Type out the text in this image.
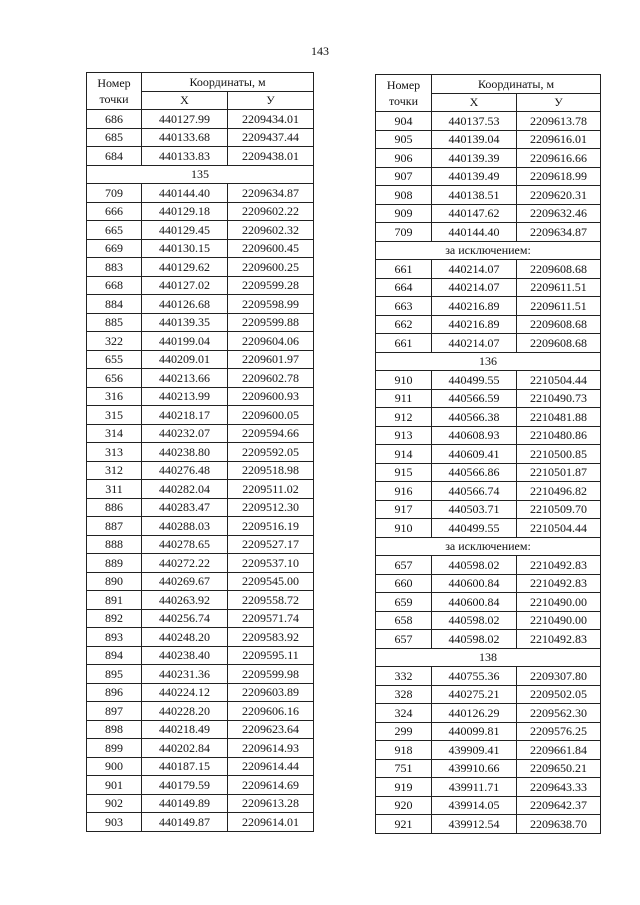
143
Номер
точки	Координаты, м	
	X	У
686	440127.99	2209434.01
685	440133.68	2209437.44
684	440133.83	2209438.01
135		
709	440144.40	2209634.87
666	440129.18	2209602.22
665	440129.45	2209602.32
669	440130.15	2209600.45
883	440129.62	2209600.25
668	440127.02	2209599.28
884	440126.68	2209598.99
885	440139.35	2209599.88
322	440199.04	2209604.06
655	440209.01	2209601.97
656	440213.66	2209602.78
316	440213.99	2209600.93
315	440218.17	2209600.05
314	440232.07	2209594.66
313	440238.80	2209592.05
312	440276.48	2209518.98
311	440282.04	2209511.02
886	440283.47	2209512.30
887	440288.03	2209516.19
888	440278.65	2209527.17
889	440272.22	2209537.10
890	440269.67	2209545.00
891	440263.92	2209558.72
892	440256.74	2209571.74
893	440248.20	2209583.92
894	440238.40	2209595.11
895	440231.36	2209599.98
896	440224.12	2209603.89
897	440228.20	2209606.16
898	440218.49	2209623.64
899	440202.84	2209614.93
900	440187.15	2209614.44
901	440179.59	2209614.69
902	440149.89	2209613.28
903	440149.87	2209614.01
Номер
точки	Координаты, м	
	X	У
904	440137.53	2209613.78
905	440139.04	2209616.01
906	440139.39	2209616.66
907	440139.49	2209618.99
908	440138.51	2209620.31
909	440147.62	2209632.46
709	440144.40	2209634.87
за исключением:		
661	440214.07	2209608.68
664	440214.07	2209611.51
663	440216.89	2209611.51
662	440216.89	2209608.68
661	440214.07	2209608.68
136		
910	440499.55	2210504.44
911	440566.59	2210490.73
912	440566.38	2210481.88
913	440608.93	2210480.86
914	440609.41	2210500.85
915	440566.86	2210501.87
916	440566.74	2210496.82
917	440503.71	2210509.70
910	440499.55	2210504.44
за исключением:		
657	440598.02	2210492.83
660	440600.84	2210492.83
659	440600.84	2210490.00
658	440598.02	2210490.00
657	440598.02	2210492.83
138		
332	440755.36	2209307.80
328	440275.21	2209502.05
324	440126.29	2209562.30
299	440099.81	2209576.25
918	439909.41	2209661.84
751	439910.66	2209650.21
919	439911.71	2209643.33
920	439914.05	2209642.37
921	439912.54	2209638.70
